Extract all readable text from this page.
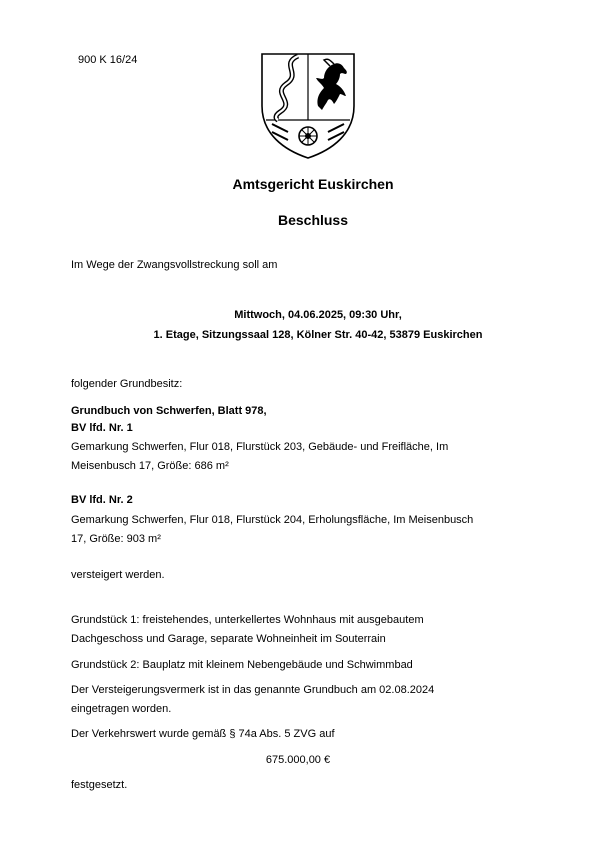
900 K 16/24
Amtsgericht Euskirchen
Beschluss
Im Wege der Zwangsvollstreckung soll am
Mittwoch, 04.06.2025, 09:30 Uhr,
1. Etage, Sitzungssaal 128, Kölner Str. 40-42, 53879 Euskirchen
folgender Grundbesitz:
Grundbuch von Schwerfen, Blatt 978,
BV lfd. Nr. 1
Gemarkung Schwerfen, Flur 018, Flurstück 203, Gebäude- und Freifläche, Im
Meisenbusch 17, Größe: 686 m²
BV lfd. Nr. 2
Gemarkung Schwerfen, Flur 018, Flurstück 204, Erholungsfläche, Im Meisenbusch
17, Größe: 903 m²
versteigert werden.
Grundstück 1: freistehendes, unterkellertes Wohnhaus mit ausgebautem
Dachgeschoss und Garage, separate Wohneinheit im Souterrain
Grundstück 2: Bauplatz mit kleinem Nebengebäude und Schwimmbad
Der Versteigerungsvermerk ist in das genannte Grundbuch am 02.08.2024
eingetragen worden.
Der Verkehrswert wurde gemäß § 74a Abs. 5 ZVG auf
675.000,00 €
festgesetzt.
